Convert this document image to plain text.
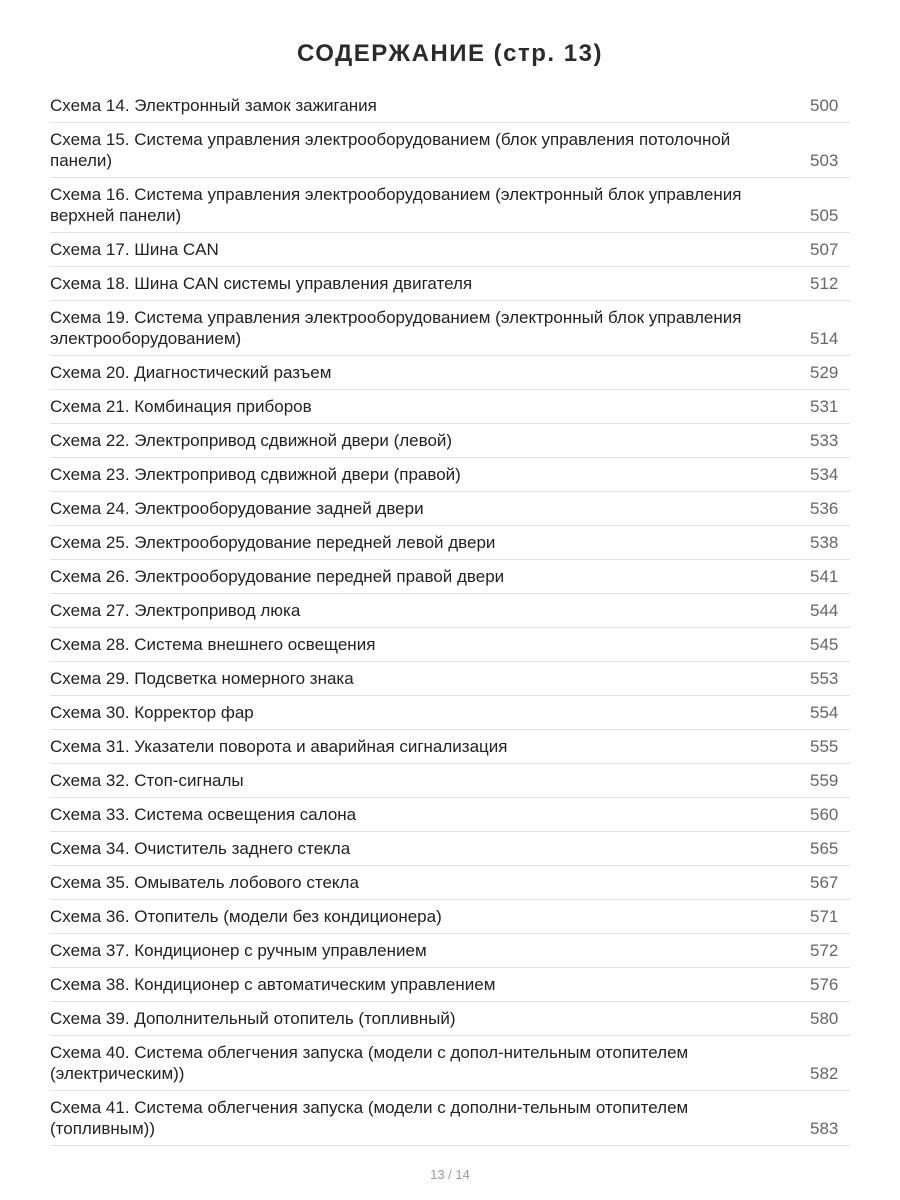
СОДЕРЖАНИЕ (стр. 13)
Схема 14. Электронный замок зажигания	500
Схема 15. Система управления электрооборудованием (блок управления потолочной панели)	503
Схема 16. Система управления электрооборудованием (электронный блок управления верхней панели)	505
Схема 17. Шина CAN	507
Схема 18. Шина CAN системы управления двигателя	512
Схема 19. Система управления электрооборудованием (электронный блок управления электрооборудованием)	514
Схема 20. Диагностический разъем	529
Схема 21. Комбинация приборов	531
Схема 22. Электропривод сдвижной двери (левой)	533
Схема 23. Электропривод сдвижной двери (правой)	534
Схема 24. Электрооборудование задней двери	536
Схема 25. Электрооборудование передней левой двери	538
Схема 26. Электрооборудование передней правой двери	541
Схема 27. Электропривод люка	544
Схема 28. Система внешнего освещения	545
Схема 29. Подсветка номерного знака	553
Схема 30. Корректор фар	554
Схема 31. Указатели поворота и аварийная сигнализация	555
Схема 32. Стоп-сигналы	559
Схема 33. Система освещения салона	560
Схема 34. Очиститель заднего стекла	565
Схема 35. Омыватель лобового стекла	567
Схема 36. Отопитель (модели без кондиционера)	571
Схема 37. Кондиционер с ручным управлением	572
Схема 38. Кондиционер с автоматическим управлением	576
Схема 39. Дополнительный отопитель (топливный)	580
Схема 40. Система облегчения запуска (модели с допол-нительным отопителем (электрическим))	582
Схема 41. Система облегчения запуска (модели с дополни-тельным отопителем (топливным))	583
13 / 14
